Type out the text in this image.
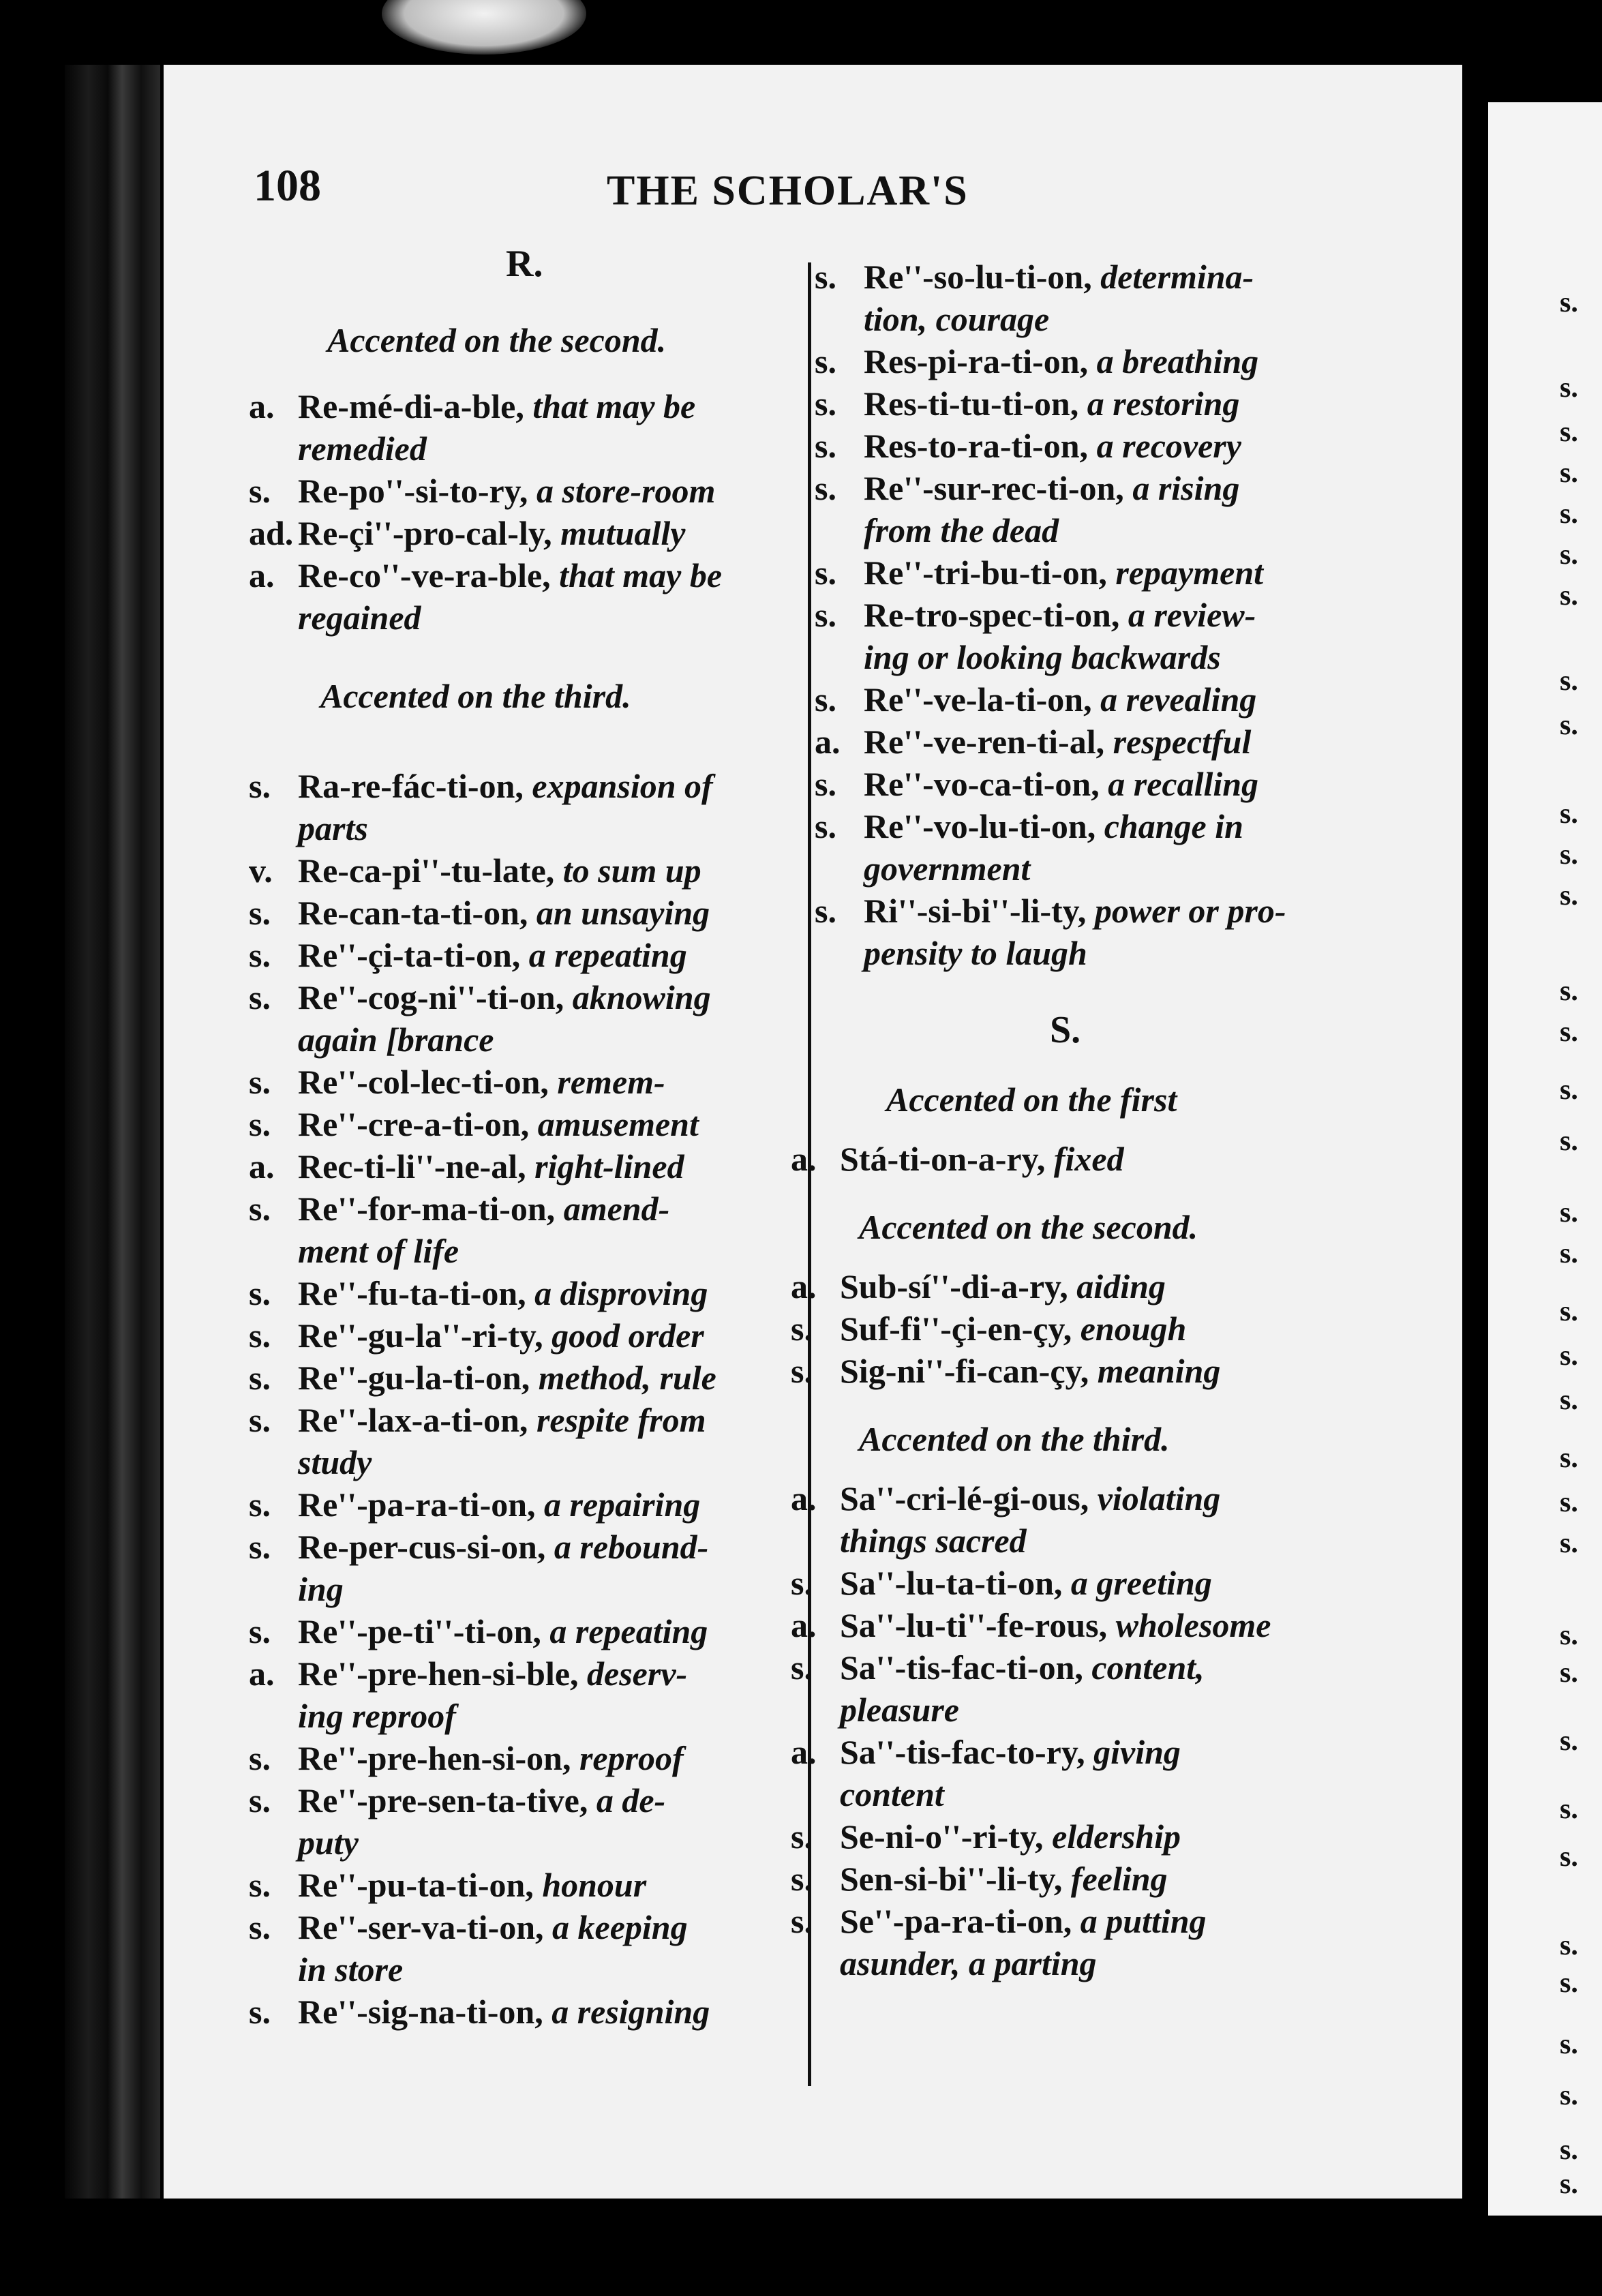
s.
s.
s.
s.
s.
s.
s.
s.
s.
s.
s.
s.
s.
s.
s.
s.
s.
s.
s.
s.
s.
s.
s.
s.
s.
s.
s.
s.
s.
s.
s.
s.
s.
s.
s.
108	THE SCHOLAR'S
R.
Accented on the second.
a. Re-mé-di-a-ble, that may be
remedied
s. Re-po''-si-to-ry, a store-room
ad. Re-çi''-pro-cal-ly, mutually
a. Re-co''-ve-ra-ble, that may be
regained
Accented on the third.
s. Ra-re-fác-ti-on, expansion of
parts
v. Re-ca-pi''-tu-late, to sum up
s. Re-can-ta-ti-on, an unsaying
s. Re''-çi-ta-ti-on, a repeating
s. Re''-cog-ni''-ti-on, aknowing
again [brance
s. Re''-col-lec-ti-on, remem-
s. Re''-cre-a-ti-on, amusement
a. Rec-ti-li''-ne-al, right-lined
s. Re''-for-ma-ti-on, amend-
ment of life
s. Re''-fu-ta-ti-on, a disproving
s. Re''-gu-la''-ri-ty, good order
s. Re''-gu-la-ti-on, method, rule
s. Re''-lax-a-ti-on, respite from
study
s. Re''-pa-ra-ti-on, a repairing
s. Re-per-cus-si-on, a rebound-
ing
s. Re''-pe-ti''-ti-on, a repeating
a. Re''-pre-hen-si-ble, deserv-
ing reproof
s. Re''-pre-hen-si-on, reproof
s. Re''-pre-sen-ta-tive, a de-
puty
s. Re''-pu-ta-ti-on, honour
s. Re''-ser-va-ti-on, a keeping
in store
s. Re''-sig-na-ti-on, a resigning
s. Re''-so-lu-ti-on, determina-
tion, courage
s. Res-pi-ra-ti-on, a breathing
s. Res-ti-tu-ti-on, a restoring
s. Res-to-ra-ti-on, a recovery
s. Re''-sur-rec-ti-on, a rising
from the dead
s. Re''-tri-bu-ti-on, repayment
s. Re-tro-spec-ti-on, a review-
ing or looking backwards
s. Re''-ve-la-ti-on, a revealing
a. Re''-ve-ren-ti-al, respectful
s. Re''-vo-ca-ti-on, a recalling
s. Re''-vo-lu-ti-on, change in
government
s. Ri''-si-bi''-li-ty, power or pro-
pensity to laugh
S.
Accented on the first
a. Stá-ti-on-a-ry, fixed
Accented on the second.
a. Sub-sí''-di-a-ry, aiding
s. Suf-fi''-çi-en-çy, enough
s. Sig-ni''-fi-can-çy, meaning
Accented on the third.
a. Sa''-cri-lé-gi-ous, violating
things sacred
s. Sa''-lu-ta-ti-on, a greeting
a. Sa''-lu-ti''-fe-rous, wholesome
s. Sa''-tis-fac-ti-on, content,
pleasure
a. Sa''-tis-fac-to-ry, giving
content
s. Se-ni-o''-ri-ty, eldership
s. Sen-si-bi''-li-ty, feeling
s. Se''-pa-ra-ti-on, a putting
asunder, a parting
